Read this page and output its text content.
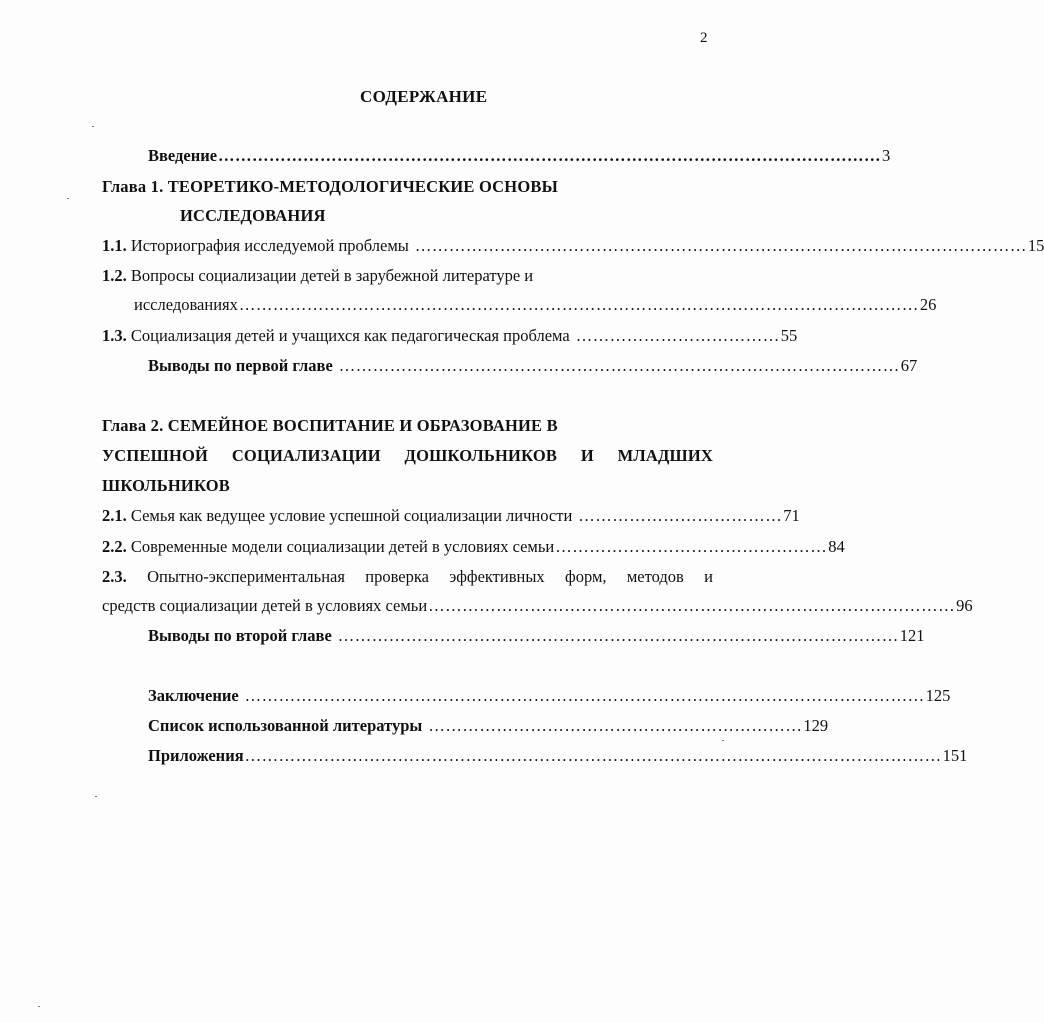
2
СОДЕРЖАНИЕ
Введение ……………………………………………………………………………………………………… 3
Глава 1. ТЕОРЕТИКО-МЕТОДОЛОГИЧЕСКИЕ ОСНОВЫ
ИССЛЕДОВАНИЯ
1.1. Историография исследуемой проблемы ……………………………………………………………………………………………… 15
1.2. Вопросы социализации детей в зарубежной литературе и
исследованиях ………………………………………………………………………………………………………… 26
1.3. Социализация детей и учащихся как педагогическая проблема ……………………………… 55
Выводы по первой главе ……………………………………………………………………………………… 67
Глава 2. СЕМЕЙНОЕ ВОСПИТАНИЕ И ОБРАЗОВАНИЕ В
УСПЕШНОЙ СОЦИАЛИЗАЦИИ ДОШКОЛЬНИКОВ И МЛАДШИХ
ШКОЛЬНИКОВ
2.1. Семья как ведущее условие успешной социализации личности ……………………………… 71
2.2. Современные модели социализации детей в условиях семьи ………………………………………… 84
2.3. Опытно-экспериментальная проверка эффективных форм, методов и
средств социализации детей в условиях семьи ………………………………………………………………………………… 96
Выводы по второй главе ……………………………………………………………………………………… 121
Заключение ………………………………………………………………………………………………………… 125
Список использованной литературы ………………………………………………………… 129
Приложения …………………………………………………………………………………………………………… 151
